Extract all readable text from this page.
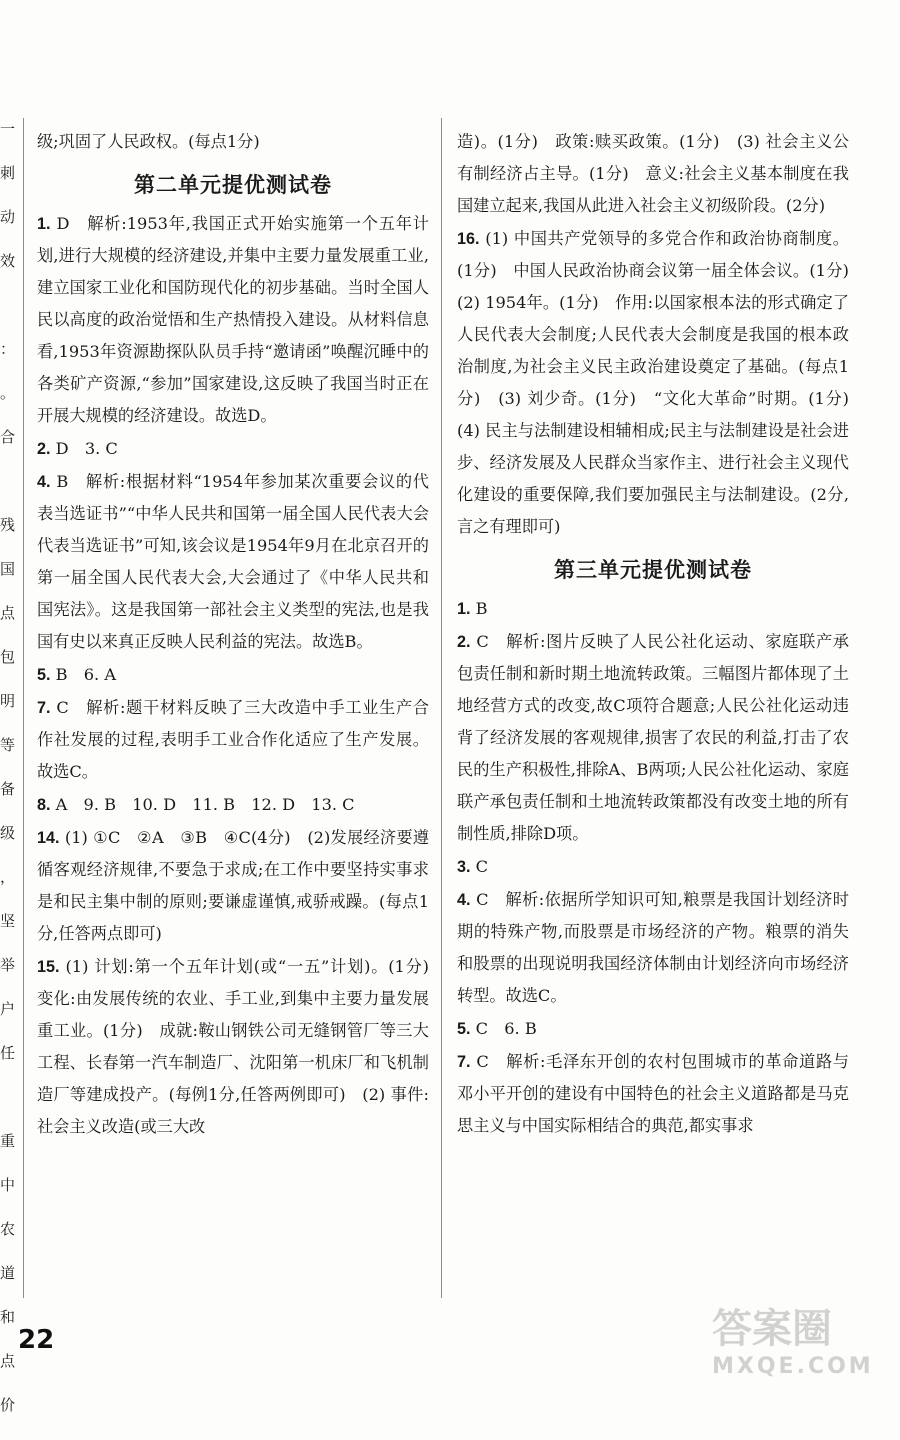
一
刺
动
效
：
。
合
残
国
点
包
明
等
备
级
，
坚
举
户
任
重
中
农
道
和
点
价

级;巩固了人民政权。(每点1分)

第二单元提优测试卷

1. D　解析:1953年,我国正式开始实施第一个五年计划,进行大规模的经济建设,并集中主要力量发展重工业,建立国家工业化和国防现代化的初步基础。当时全国人民以高度的政治觉悟和生产热情投入建设。从材料信息看,1953年资源勘探队队员手持“邀请函”唤醒沉睡中的各类矿产资源,“参加”国家建设,这反映了我国当时正在开展大规模的经济建设。故选D。

2. D　3. C

4. B　解析:根据材料“1954年参加某次重要会议的代表当选证书”“中华人民共和国第一届全国人民代表大会代表当选证书”可知,该会议是1954年9月在北京召开的第一届全国人民代表大会,大会通过了《中华人民共和国宪法》。这是我国第一部社会主义类型的宪法,也是我国有史以来真正反映人民利益的宪法。故选B。

5. B　6. A

7. C　解析:题干材料反映了三大改造中手工业生产合作社发展的过程,表明手工业合作化适应了生产发展。故选C。

8. A　9. B　10. D　11. B　12. D　13. C

14. (1) ①C　②A　③B　④C(4分)　(2)发展经济要遵循客观经济规律,不要急于求成;在工作中要坚持实事求是和民主集中制的原则;要谦虚谨慎,戒骄戒躁。(每点1分,任答两点即可)

15. (1) 计划:第一个五年计划(或“一五”计划)。(1分)　变化:由发展传统的农业、手工业,到集中主要力量发展重工业。(1分)　成就:鞍山钢铁公司无缝钢管厂等三大工程、长春第一汽车制造厂、沈阳第一机床厂和飞机制造厂等建成投产。(每例1分,任答两例即可)　(2) 事件:社会主义改造(或三大改

造)。(1分)　政策:赎买政策。(1分)　(3) 社会主义公有制经济占主导。(1分)　意义:社会主义基本制度在我国建立起来,我国从此进入社会主义初级阶段。(2分)

16. (1) 中国共产党领导的多党合作和政治协商制度。(1分)　中国人民政治协商会议第一届全体会议。(1分)　(2) 1954年。(1分)　作用:以国家根本法的形式确定了人民代表大会制度;人民代表大会制度是我国的根本政治制度,为社会主义民主政治建设奠定了基础。(每点1分)　(3) 刘少奇。(1分)　“文化大革命”时期。(1分)　(4) 民主与法制建设相辅相成;民主与法制建设是社会进步、经济发展及人民群众当家作主、进行社会主义现代化建设的重要保障,我们要加强民主与法制建设。(2分,言之有理即可)

第三单元提优测试卷

1. B

2. C　解析:图片反映了人民公社化运动、家庭联产承包责任制和新时期土地流转政策。三幅图片都体现了土地经营方式的改变,故C项符合题意;人民公社化运动违背了经济发展的客观规律,损害了农民的利益,打击了农民的生产积极性,排除A、B两项;人民公社化运动、家庭联产承包责任制和土地流转政策都没有改变土地的所有制性质,排除D项。

3. C

4. C　解析:依据所学知识可知,粮票是我国计划经济时期的特殊产物,而股票是市场经济的产物。粮票的消失和股票的出现说明我国经济体制由计划经济向市场经济转型。故选C。

5. C　6. B

7. C　解析:毛泽东开创的农村包围城市的革命道路与邓小平开创的建设有中国特色的社会主义道路都是马克思主义与中国实际相结合的典范,都实事求

22	答案圈
MXQE.COM
